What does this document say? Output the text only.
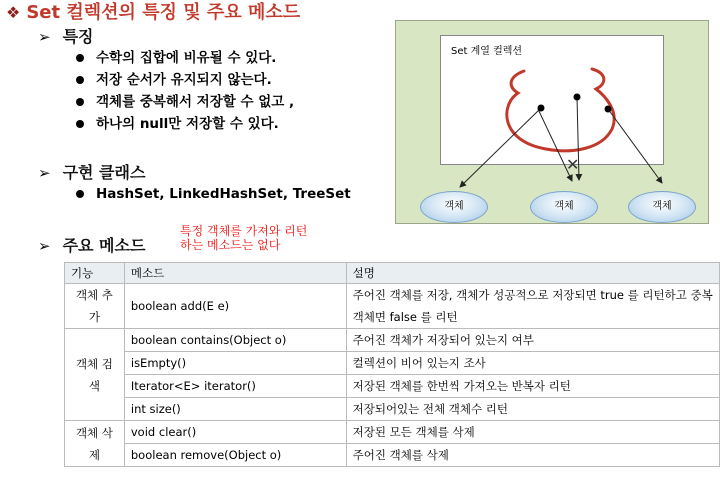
❖ Set 컬렉션의 특징 및 주요 메소드
➢ 특징
수학의 집합에 비유될 수 있다.
저장 순서가 유지되지 않는다.
객체를 중복해서 저장할 수 없고 ,
하나의 null만 저장할 수 있다.
➢ 구현 클래스
HashSet, LinkedHashSet, TreeSet
➢ 주요 메소드
특정 객체를 가져와 리턴
하는 메소드는 없다
Set 계열 컬렉션
✕
객체	객체	객체
기능	메소드	설명
객체 추가	boolean add(E e)	주어진 객체를 저장, 객체가 성공적으로 저장되면 true 를 리턴하고 중복 객체면 false 를 리턴
객체 검색	boolean contains(Object o)	주어진 객체가 저장되어 있는지 여부
	isEmpty()	컬렉션이 비어 있는지 조사
	Iterator<E> iterator()	저장된 객체를 한번씩 가져오는 반복자 리턴
	int size()	저장되어있는 전체 객체수 리턴
객체 삭제	void clear()	저장된 모든 객체를 삭제
	boolean remove(Object o)	주어진 객체를 삭제
